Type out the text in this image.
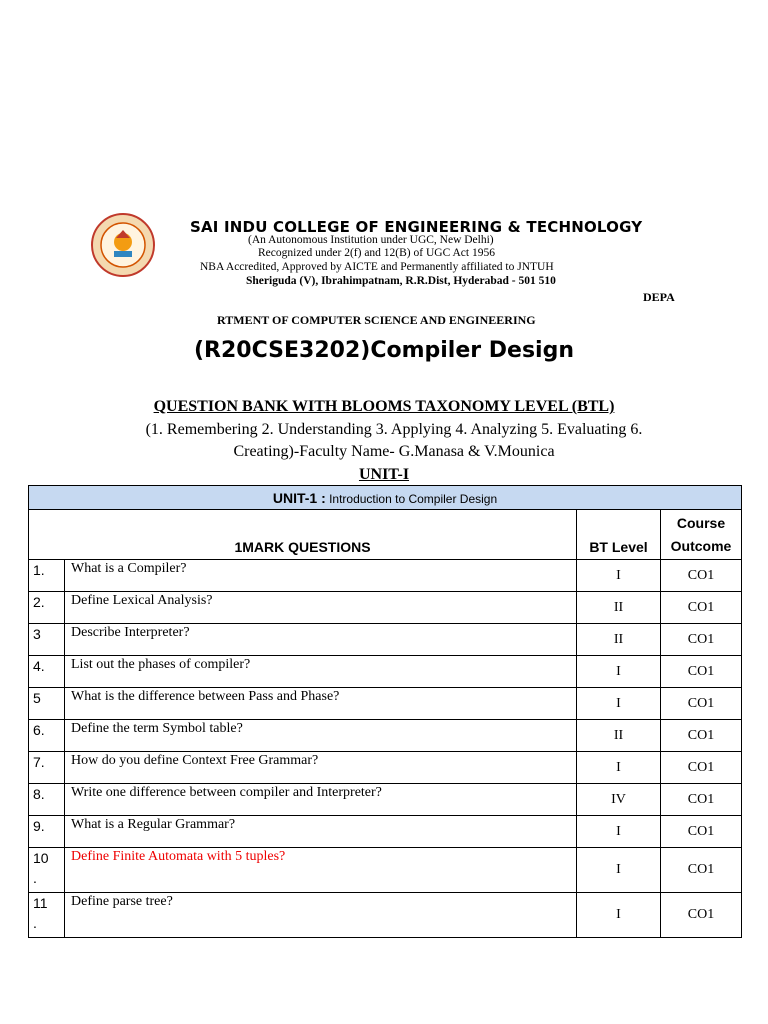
SAI INDU COLLEGE OF ENGINEERING & TECHNOLOGY
(An Autonomous Institution under UGC, New Delhi)
Recognized under 2(f) and 12(B) of UGC Act 1956
NBA Accredited, Approved by AICTE and Permanently affiliated to JNTUH
Sheriguda (V), Ibrahimpatnam, R.R.Dist, Hyderabad - 501 510
DEPA
RTMENT OF COMPUTER SCIENCE AND ENGINEERING
(R20CSE3202)Compiler Design
QUESTION BANK WITH BLOOMS TAXONOMY LEVEL (BTL)
(1. Remembering 2. Understanding 3. Applying 4. Analyzing 5. Evaluating 6.
Creating)-Faculty Name- G.Manasa & V.Mounica
UNIT-I
UNIT-1 : Introduction to Compiler Design			
1MARK QUESTIONS		BT Level	Course
Outcome

1.	What is a Compiler?	I	CO1

2.	Define Lexical Analysis?	II	CO1

3	Describe Interpreter?	II	CO1

4.	List out the phases of compiler?	I	CO1

5	What is the difference between Pass and Phase?	I	CO1

6.	Define the term Symbol table?	II	CO1

7.	How do you define Context Free Grammar?	I	CO1

8.	Write one difference between compiler and Interpreter?	IV	CO1

9.	What is a Regular Grammar?	I	CO1

10
.	Define Finite Automata with 5 tuples?	I	CO1

11
.	Define parse tree?	I	CO1
